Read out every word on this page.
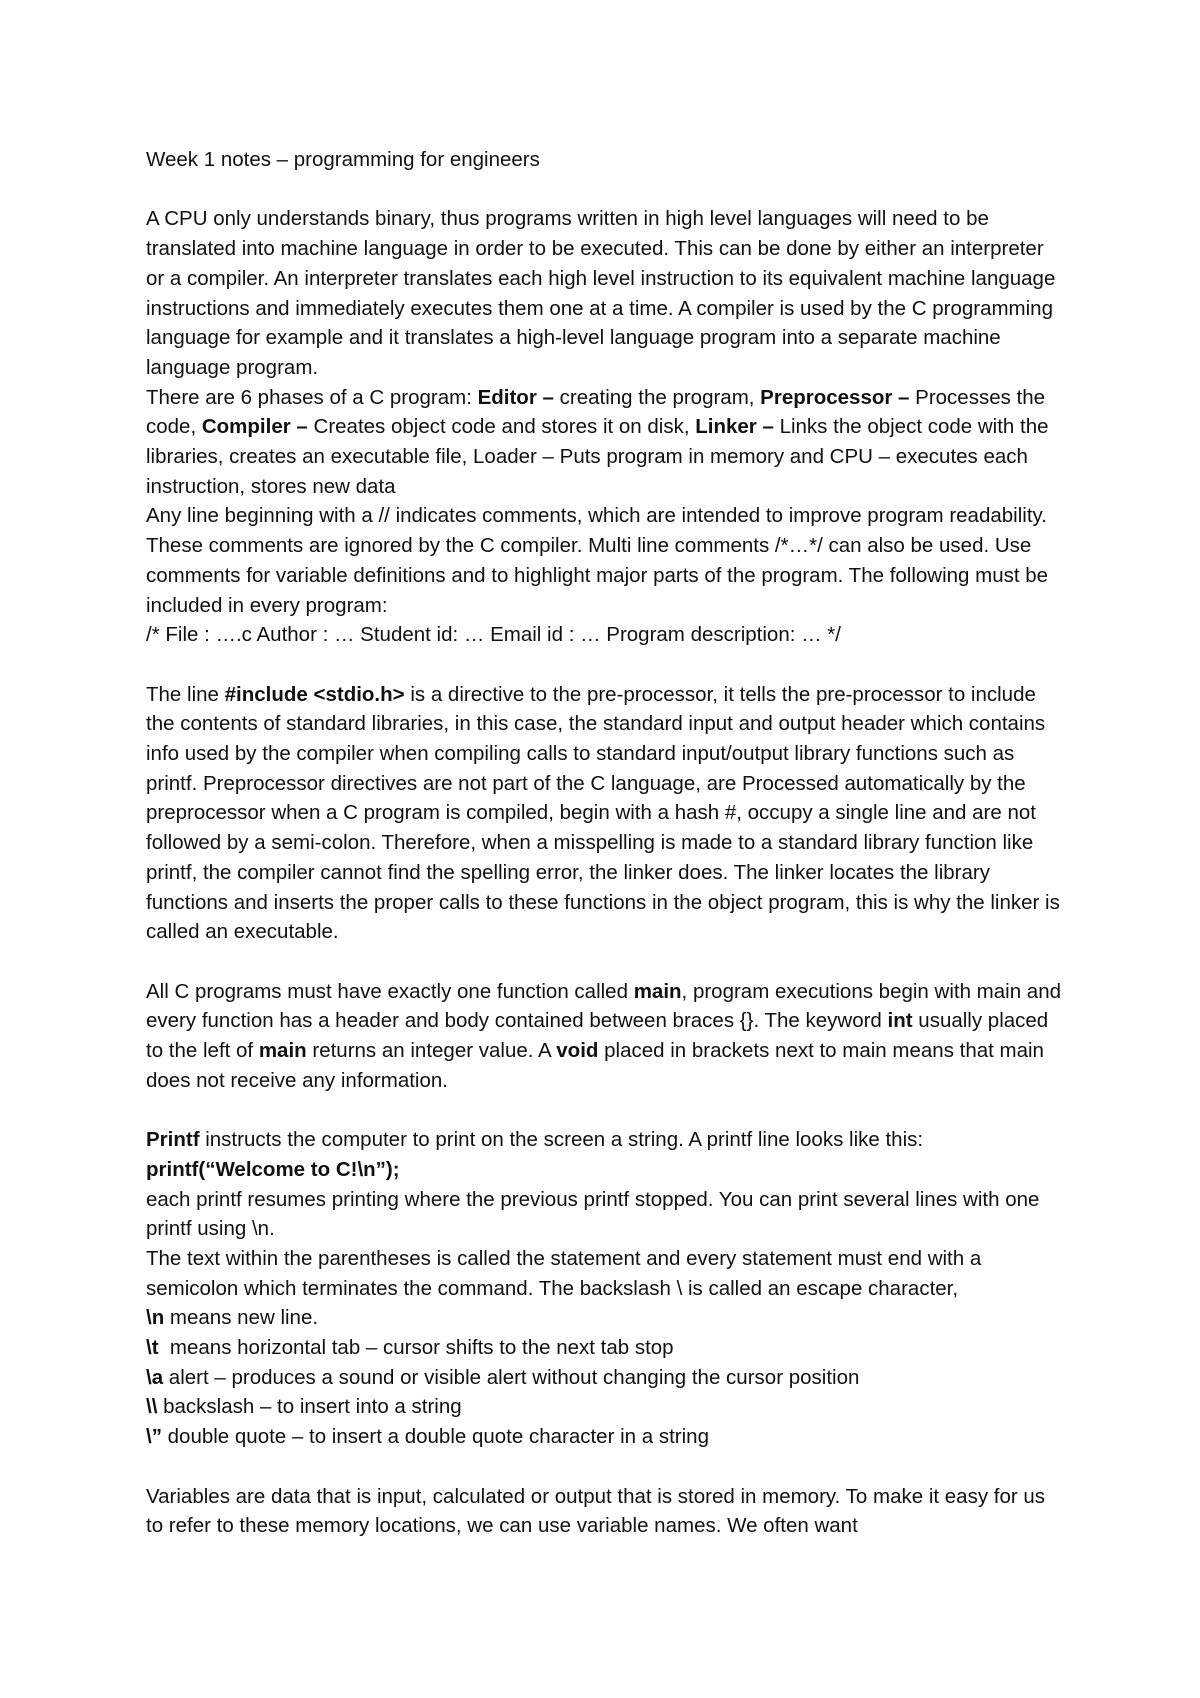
Week 1 notes – programming for engineers

A CPU only understands binary, thus programs written in high level languages will need to be translated into machine language in order to be executed. This can be done by either an interpreter or a compiler. An interpreter translates each high level instruction to its equivalent machine language instructions and immediately executes them one at a time. A compiler is used by the C programming language for example and it translates a high-level language program into a separate machine language program.

There are 6 phases of a C program: Editor – creating the program, Preprocessor – Processes the code, Compiler – Creates object code and stores it on disk, Linker – Links the object code with the libraries, creates an executable file, Loader – Puts program in memory and CPU – executes each instruction, stores new data

Any line beginning with a // indicates comments, which are intended to improve program readability. These comments are ignored by the C compiler. Multi line comments /*…*/ can also be used. Use comments for variable definitions and to highlight major parts of the program. The following must be included in every program:

/* File : ….c Author : … Student id: … Email id : … Program description: … */

The line #include <stdio.h> is a directive to the pre-processor, it tells the pre-processor to include the contents of standard libraries, in this case, the standard input and output header which contains info used by the compiler when compiling calls to standard input/output library functions such as printf. Preprocessor directives are not part of the C language, are Processed automatically by the preprocessor when a C program is compiled, begin with a hash #, occupy a single line and are not followed by a semi-colon. Therefore, when a misspelling is made to a standard library function like printf, the compiler cannot find the spelling error, the linker does. The linker locates the library functions and inserts the proper calls to these functions in the object program, this is why the linker is called an executable.

All C programs must have exactly one function called main, program executions begin with main and every function has a header and body contained between braces {}. The keyword int usually placed to the left of main returns an integer value. A void placed in brackets next to main means that main does not receive any information.

Printf instructs the computer to print on the screen a string. A printf line looks like this:

printf(“Welcome to C!\n”);

each printf resumes printing where the previous printf stopped. You can print several lines with one printf using \n.

The text within the parentheses is called the statement and every statement must end with a semicolon which terminates the command. The backslash \ is called an escape character,

\n means new line.

\t  means horizontal tab – cursor shifts to the next tab stop

\a alert – produces a sound or visible alert without changing the cursor position

\\ backslash – to insert into a string

\” double quote – to insert a double quote character in a string

Variables are data that is input, calculated or output that is stored in memory. To make it easy for us to refer to these memory locations, we can use variable names. We often want
